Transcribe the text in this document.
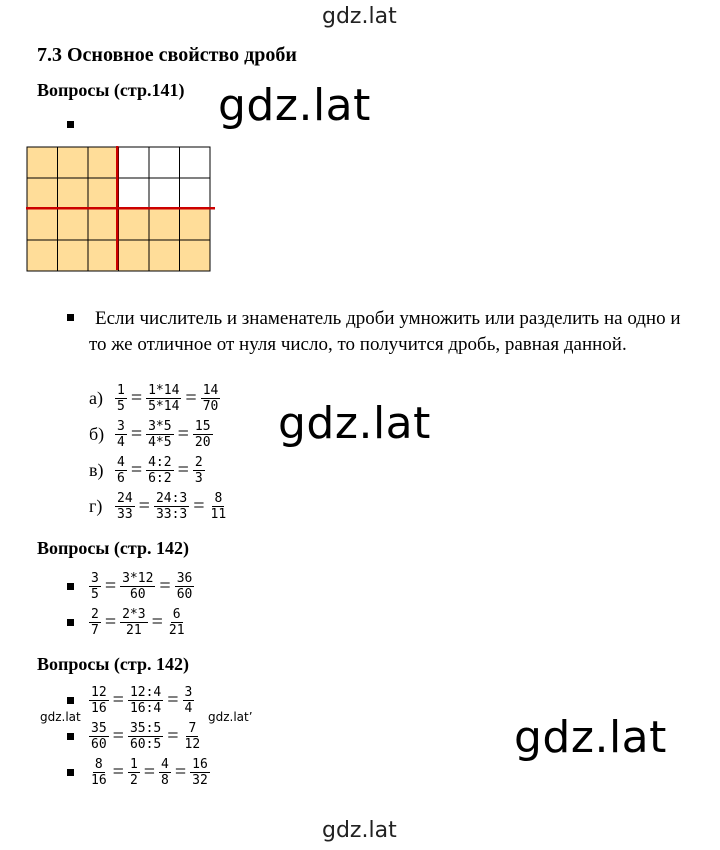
gdz.lat
gdz.lat
gdz.lat
gdz.lat
gdz.lat	gdz.lat’
gdz.lat
7.3 Основное свойство дроби
Вопросы (стр.141)
Если числитель и знаменатель дроби умножить или разделить на одно и то же отличное от нуля число, то получится дробь, равная данной.
$а) \frac{1}{5} = \frac{1*14}{5*14} = \frac{14}{70}$
$б) \frac{3}{4} = \frac{3*5}{4*5} = \frac{15}{20}$
$в) \frac{4}{6} = \frac{4:2}{6:2} = \frac{2}{3}$
$г) \frac{24}{33} = \frac{24:3}{33:3} = \frac{8}{11}$
Вопросы (стр. 142)
$\frac{3}{5} = \frac{3*12}{60} = \frac{36}{60}$
$\frac{2}{7} = \frac{2*3}{21} = \frac{6}{21}$
Вопросы (стр. 142)
$\frac{12}{16} = \frac{12:4}{16:4} = \frac{3}{4}$
$\frac{35}{60} = \frac{35:5}{60:5} = \frac{7}{12}$
$\frac{8}{16} = \frac{1}{2} = \frac{4}{8} = \frac{16}{32}$
